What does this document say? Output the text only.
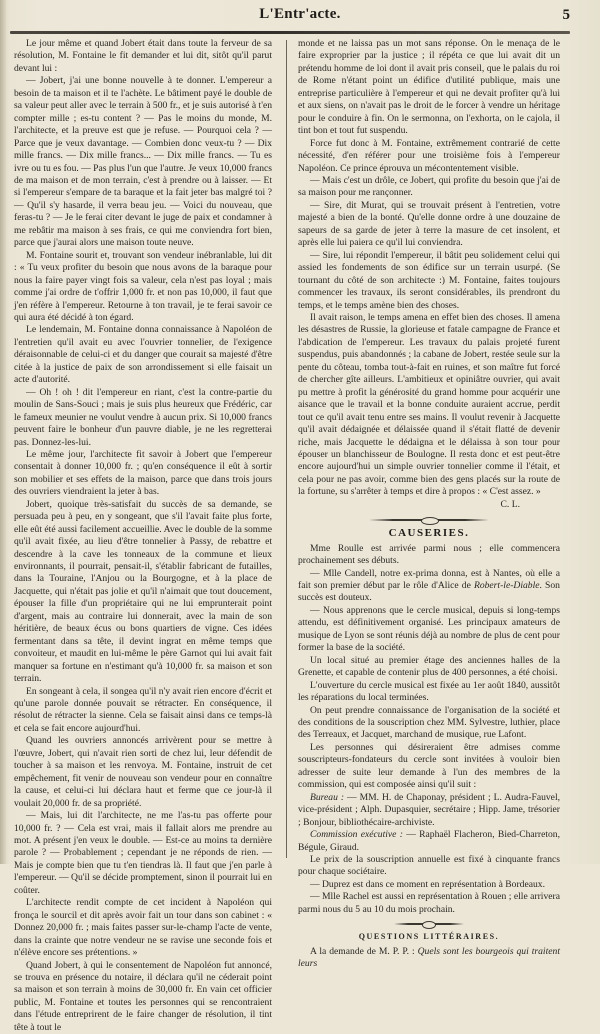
L'Entr'acte.	5

Le jour même et quand Jobert était dans toute la ferveur de sa résolution, M. Fontaine le fit demander et lui dit, sitôt qu'il parut devant lui :

— Jobert, j'ai une bonne nouvelle à te donner. L'empereur a besoin de ta maison et il te l'achète. Le bâtiment payé le double de sa valeur peut aller avec le terrain à 500 fr., et je suis autorisé à t'en compter mille ; es-tu content ? — Pas le moins du monde, M. l'architecte, et la preuve est que je refuse. — Pourquoi cela ? — Parce que je veux davantage. — Combien donc veux-tu ? — Dix mille francs. — Dix mille francs... — Dix mille francs. — Tu es ivre ou tu es fou. — Pas plus l'un que l'autre. Je veux 10,000 francs de ma maison et de mon terrain, c'est à prendre ou à laisser. — Et si l'empereur s'empare de ta baraque et la fait jeter bas malgré toi ? — Qu'il s'y hasarde, il verra beau jeu. — Voici du nouveau, que feras-tu ? — Je le ferai citer devant le juge de paix et condamner à me rebâtir ma maison à ses frais, ce qui me conviendra fort bien, parce que j'aurai alors une maison toute neuve.

M. Fontaine sourit et, trouvant son vendeur inébranlable, lui dit : « Tu veux profiter du besoin que nous avons de la baraque pour nous la faire payer vingt fois sa valeur, cela n'est pas loyal ; mais comme j'ai ordre de t'offrir 1,000 fr. et non pas 10,000, il faut que j'en réfère à l'empereur. Retourne à ton travail, je te ferai savoir ce qui aura été décidé à ton égard.

Le lendemain, M. Fontaine donna connaissance à Napoléon de l'entretien qu'il avait eu avec l'ouvrier tonnelier, de l'exigence déraisonnable de celui-ci et du danger que courait sa majesté d'être citée à la justice de paix de son arrondissement si elle faisait un acte d'autorité.

— Oh ! oh ! dit l'empereur en riant, c'est la contre-partie du moulin de Sans-Souci ; mais je suis plus heureux que Frédéric, car le fameux meunier ne voulut vendre à aucun prix. Si 10,000 francs peuvent faire le bonheur d'un pauvre diable, je ne les regretterai pas. Donnez-les-lui.

Le même jour, l'architecte fit savoir à Jobert que l'empereur consentait à donner 10,000 fr. ; qu'en conséquence il eût à sortir son mobilier et ses effets de la maison, parce que dans trois jours des ouvriers viendraient la jeter à bas.

Jobert, quoique très-satisfait du succès de sa demande, se persuada peu à peu, en y songeant, que s'il l'avait faite plus forte, elle eût été aussi facilement accueillie. Avec le double de la somme qu'il avait fixée, au lieu d'être tonnelier à Passy, de rebattre et descendre à la cave les tonneaux de la commune et lieux environnants, il pourrait, pensait-il, s'établir fabricant de futailles, dans la Touraine, l'Anjou ou la Bourgogne, et à la place de Jacquette, qui n'était pas jolie et qu'il n'aimait que tout doucement, épouser la fille d'un propriétaire qui ne lui emprunterait point d'argent, mais au contraire lui donnerait, avec la main de son héritière, de beaux écus ou bons quartiers de vigne. Ces idées fermentant dans sa tête, il devint ingrat en même temps que convoiteur, et maudit en lui-même le père Garnot qui lui avait fait manquer sa fortune en n'estimant qu'à 10,000 fr. sa maison et son terrain.

En songeant à cela, il songea qu'il n'y avait rien encore d'écrit et qu'une parole donnée pouvait se rétracter. En conséquence, il résolut de rétracter la sienne. Cela se faisait ainsi dans ce temps-là et cela se fait encore aujourd'hui.

Quand les ouvriers annoncés arrivèrent pour se mettre à l'œuvre, Jobert, qui n'avait rien sorti de chez lui, leur défendit de toucher à sa maison et les renvoya. M. Fontaine, instruit de cet empêchement, fit venir de nouveau son vendeur pour en connaître la cause, et celui-ci lui déclara haut et ferme que ce jour-là il voulait 20,000 fr. de sa propriété.

— Mais, lui dit l'architecte, ne me l'as-tu pas offerte pour 10,000 fr. ? — Cela est vrai, mais il fallait alors me prendre au mot. A présent j'en veux le double. — Est-ce au moins ta dernière parole ? — Probablement ; cependant je ne réponds de rien. — Mais je compte bien que tu t'en tiendras là. Il faut que j'en parle à l'empereur. — Qu'il se décide promptement, sinon il pourrait lui en coûter.

L'architecte rendit compte de cet incident à Napoléon qui fronça le sourcil et dit après avoir fait un tour dans son cabinet : « Donnez 20,000 fr. ; mais faites passer sur-le-champ l'acte de vente, dans la crainte que notre vendeur ne se ravise une seconde fois et n'élève encore ses prétentions. »

Quand Jobert, à qui le consentement de Napoléon fut annoncé, se trouva en présence du notaire, il déclara qu'il ne céderait point sa maison et son terrain à moins de 30,000 fr. En vain cet officier public, M. Fontaine et toutes les personnes qui se rencontraient dans l'étude entreprirent de le faire changer de résolution, il tint tête à tout le

monde et ne laissa pas un mot sans réponse. On le menaça de le faire exproprier par la justice ; il répéta ce que lui avait dit un prétendu homme de loi dont il avait pris conseil, que le palais du roi de Rome n'étant point un édifice d'utilité publique, mais une entreprise particulière à l'empereur et qui ne devait profiter qu'à lui et aux siens, on n'avait pas le droit de le forcer à vendre un héritage pour le conduire à fin. On le sermonna, on l'exhorta, on le cajola, il tint bon et tout fut suspendu.

Force fut donc à M. Fontaine, extrêmement contrarié de cette nécessité, d'en référer pour une troisième fois à l'empereur Napoléon. Ce prince éprouva un mécontentement visible.

— Mais c'est un drôle, ce Jobert, qui profite du besoin que j'ai de sa maison pour me rançonner.

— Sire, dit Murat, qui se trouvait présent à l'entretien, votre majesté a bien de la bonté. Qu'elle donne ordre à une douzaine de sapeurs de sa garde de jeter à terre la masure de cet insolent, et après elle lui paiera ce qu'il lui conviendra.

— Sire, lui répondit l'empereur, il bâtit peu solidement celui qui assied les fondements de son édifice sur un terrain usurpé. (Se tournant du côté de son architecte :) M. Fontaine, faites toujours commencer les travaux, ils seront considérables, ils prendront du temps, et le temps amène bien des choses.

Il avait raison, le temps amena en effet bien des choses. Il amena les désastres de Russie, la glorieuse et fatale campagne de France et l'abdication de l'empereur. Les travaux du palais projeté furent suspendus, puis abandonnés ; la cabane de Jobert, restée seule sur la pente du côteau, tomba tout-à-fait en ruines, et son maître fut forcé de chercher gîte ailleurs. L'ambitieux et opiniâtre ouvrier, qui avait pu mettre à profit la générosité du grand homme pour acquérir une aisance que le travail et la bonne conduite auraient accrue, perdit tout ce qu'il avait tenu entre ses mains. Il voulut revenir à Jacquette qu'il avait dédaignée et délaissée quand il s'était flatté de devenir riche, mais Jacquette le dédaigna et le délaissa à son tour pour épouser un blanchisseur de Boulogne. Il resta donc et est peut-être encore aujourd'hui un simple ouvrier tonnelier comme il l'était, et cela pour ne pas avoir, comme bien des gens placés sur la route de la fortune, su s'arrêter à temps et dire à propos : « C'est assez. »

C. L.

CAUSERIES.

Mme Roulle est arrivée parmi nous ; elle commencera prochainement ses débuts.

— Mlle Candell, notre ex-prima donna, est à Nantes, où elle a fait son premier début par le rôle d'Alice de Robert-le-Diable. Son succès est douteux.

— Nous apprenons que le cercle musical, depuis si long-temps attendu, est définitivement organisé. Les principaux amateurs de musique de Lyon se sont réunis déjà au nombre de plus de cent pour former la base de la société.

Un local situé au premier étage des anciennes halles de la Grenette, et capable de contenir plus de 400 personnes, a été choisi.

L'ouverture du cercle musical est fixée au 1er août 1840, aussitôt les réparations du local terminées.

On peut prendre connaissance de l'organisation de la société et des conditions de la souscription chez MM. Sylvestre, luthier, place des Terreaux, et Jacquet, marchand de musique, rue Lafont.

Les personnes qui désireraient être admises comme souscripteurs-fondateurs du cercle sont invitées à vouloir bien adresser de suite leur demande à l'un des membres de la commission, qui est composée ainsi qu'il suit :

Bureau : — MM. H. de Chaponay, président ; L. Audra-Fauvel, vice-président ; Alph. Dupasquier, secrétaire ; Hipp. Jame, trésorier ; Bonjour, bibliothécaire-archiviste.

Commission exécutive : — Raphaël Flacheron, Bied-Charreton, Bégule, Giraud.

Le prix de la souscription annuelle est fixé à cinquante francs pour chaque sociétaire.

— Duprez est dans ce moment en représentation à Bordeaux.

— Mlle Rachel est aussi en représentation à Rouen ; elle arrivera parmi nous du 5 au 10 du mois prochain.

QUESTIONS LITTÉRAIRES.

A la demande de M. P. P. : Quels sont les bourgeois qui traitent leurs
